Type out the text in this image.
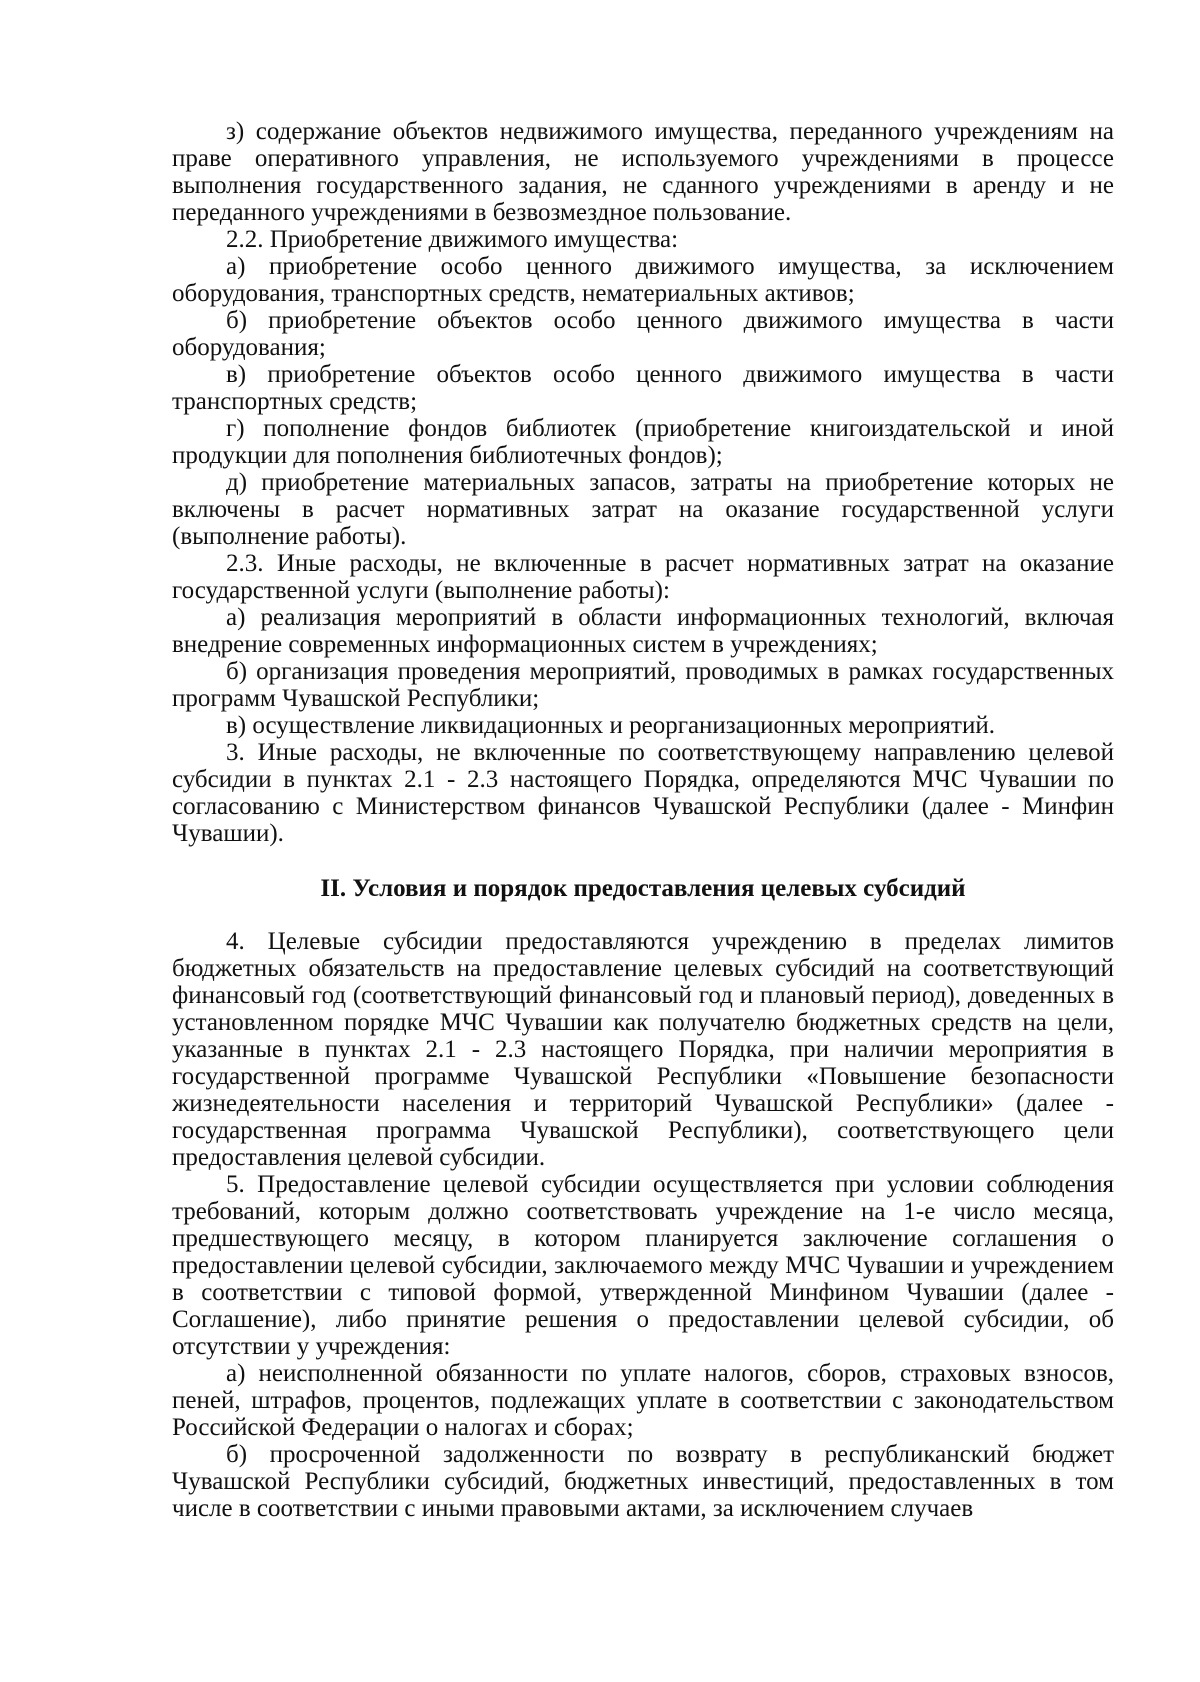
з) содержание объектов недвижимого имущества, переданного учреждениям на праве оперативного управления, не используемого учреждениями в процессе выполнения государственного задания, не сданного учреждениями в аренду и не переданного учреждениями в безвозмездное пользование.

2.2. Приобретение движимого имущества:

а) приобретение особо ценного движимого имущества, за исключением оборудования, транспортных средств, нематериальных активов;

б) приобретение объектов особо ценного движимого имущества в части оборудования;

в) приобретение объектов особо ценного движимого имущества в части транспортных средств;

г) пополнение фондов библиотек (приобретение книгоиздательской и иной продукции для пополнения библиотечных фондов);

д) приобретение материальных запасов, затраты на приобретение которых не включены в расчет нормативных затрат на оказание государственной услуги (выполнение работы).

2.3. Иные расходы, не включенные в расчет нормативных затрат на оказание государственной услуги (выполнение работы):

а) реализация мероприятий в области информационных технологий, включая внедрение современных информационных систем в учреждениях;

б) организация проведения мероприятий, проводимых в рамках государственных программ Чувашской Республики;

в) осуществление ликвидационных и реорганизационных мероприятий.

3. Иные расходы, не включенные по соответствующему направлению целевой субсидии в пунктах 2.1 - 2.3 настоящего Порядка, определяются МЧС Чувашии по согласованию с Министерством финансов Чувашской Республики (далее - Минфин Чувашии).

II. Условия и порядок предоставления целевых субсидий

4. Целевые субсидии предоставляются учреждению в пределах лимитов бюджетных обязательств на предоставление целевых субсидий на соответствующий финансовый год (соответствующий финансовый год и плановый период), доведенных в установленном порядке МЧС Чувашии как получателю бюджетных средств на цели, указанные в пунктах 2.1 - 2.3 настоящего Порядка, при наличии мероприятия в государственной программе Чувашской Республики «Повышение безопасности жизнедеятельности населения и территорий Чувашской Республики» (далее - государственная программа Чувашской Республики), соответствующего цели предоставления целевой субсидии.

5. Предоставление целевой субсидии осуществляется при условии соблюдения требований, которым должно соответствовать учреждение на 1-е число месяца, предшествующего месяцу, в котором планируется заключение соглашения о предоставлении целевой субсидии, заключаемого между МЧС Чувашии и учреждением в соответствии с типовой формой, утвержденной Минфином Чувашии (далее - Соглашение), либо принятие решения о предоставлении целевой субсидии, об отсутствии у учреждения:

а) неисполненной обязанности по уплате налогов, сборов, страховых взносов, пеней, штрафов, процентов, подлежащих уплате в соответствии с законодательством Российской Федерации о налогах и сборах;

б) просроченной задолженности по возврату в республиканский бюджет Чувашской Республики субсидий, бюджетных инвестиций, предоставленных в том числе в соответствии с иными правовыми актами, за исключением случаев
